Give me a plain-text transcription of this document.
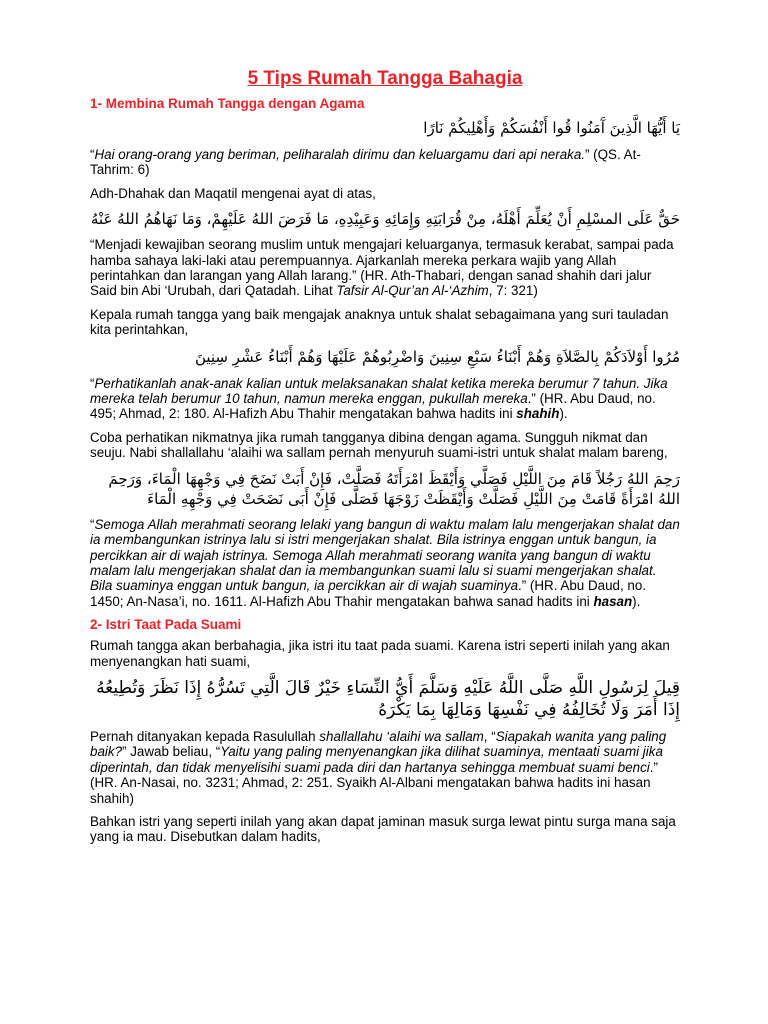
5 Tips Rumah Tangga Bahagia
1- Membina Rumah Tangga dengan Agama
يَا أَيُّهَا الَّذِينَ آَمَنُوا قُوا أَنْفُسَكُمْ وَأَهْلِيكُمْ نَارًا

“Hai orang-orang yang beriman, peliharalah dirimu dan keluargamu dari api neraka.” (QS. At- Tahrim: 6)

Adh-Dhahak dan Maqatil mengenai ayat di atas,

حَقٌّ عَلَى المسْلِمِ أَنْ يُعَلِّمَ أَهْلَهُ، مِنْ قُرَابَتِهِ وَإِمَائِهِ وَعَبِيْدِهِ، مَا فَرَضَ اللهُ عَلَيْهِمْ، وَمَا نَهَاهُمُ اللهُ عَنْهُ

“Menjadi kewajiban seorang muslim untuk mengajari keluarganya, termasuk kerabat, sampai pada hamba sahaya laki-laki atau perempuannya. Ajarkanlah mereka perkara wajib yang Allah perintahkan dan larangan yang Allah larang.” (HR. Ath-Thabari, dengan sanad shahih dari jalur Said bin Abi ‘Urubah, dari Qatadah. Lihat Tafsir Al-Qur’an Al-‘Azhim, 7: 321)

Kepala rumah tangga yang baik mengajak anaknya untuk shalat sebagaimana yang suri tauladan kita perintahkan,

مُرُوا أَوْلاَدَكُمْ بِالصَّلاَةِ وَهُمْ أَبْنَاءُ سَبْعِ سِنِينَ وَاضْرِبُوهُمْ عَلَيْهَا وَهُمْ أَبْنَاءُ عَشْرِ سِنِينَ

“Perhatikanlah anak-anak kalian untuk melaksanakan shalat ketika mereka berumur 7 tahun. Jika mereka telah berumur 10 tahun, namun mereka enggan, pukullah mereka.” (HR. Abu Daud, no. 495; Ahmad, 2: 180. Al-Hafizh Abu Thahir mengatakan bahwa hadits ini shahih).

Coba perhatikan nikmatnya jika rumah tangganya dibina dengan agama. Sungguh nikmat dan seuju. Nabi shallallahu ‘alaihi wa sallam pernah menyuruh suami-istri untuk shalat malam bareng,

رَحِمَ اللهُ رَجُلاً قَامَ مِنَ اللَّيْلِ فَصَلَّي وَأَيْقَظَ امْرَأَتَهُ فَصَلَّتْ، فَإِنْ أَبَتْ نَضَحَ فِي وَجْهِهَا الْمَاءَ، وَرَحِمَ اللهُ امْرَأَةً قَامَتْ مِنَ اللَّيْلِ فَصَلَّتْ وَأَيْقَظَتْ زَوْجَهَا فَصَلَّى فَإِنْ أَبَى نَضَحَتْ فِي وَجْهِهِ الْمَاءَ

“Semoga Allah merahmati seorang lelaki yang bangun di waktu malam lalu mengerjakan shalat dan ia membangunkan istrinya lalu si istri mengerjakan shalat. Bila istrinya enggan untuk bangun, ia percikkan air di wajah istrinya. Semoga Allah merahmati seorang wanita yang bangun di waktu malam lalu mengerjakan shalat dan ia membangunkan suami lalu si suami mengerjakan shalat. Bila suaminya enggan untuk bangun, ia percikkan air di wajah suaminya.” (HR. Abu Daud, no. 1450; An-Nasa’i, no. 1611. Al-Hafizh Abu Thahir mengatakan bahwa sanad hadits ini hasan).

2- Istri Taat Pada Suami

Rumah tangga akan berbahagia, jika istri itu taat pada suami. Karena istri seperti inilah yang akan menyenangkan hati suami,

قِيلَ لِرَسُولِ اللَّهِ صَلَّى اللَّهُ عَلَيْهِ وَسَلَّمَ أَيُّ النِّسَاءِ خَيْرٌ قَالَ الَّتِي تَسُرُّهُ إِذَا نَظَرَ وَتُطِيعُهُ إِذَا أَمَرَ وَلَا تُخَالِفُهُ فِي نَفْسِهَا وَمَالِهَا بِمَا يَكْرَهُ

Pernah ditanyakan kepada Rasulullah shallallahu ‘alaihi wa sallam, “Siapakah wanita yang paling baik?” Jawab beliau, “Yaitu yang paling menyenangkan jika dilihat suaminya, mentaati suami jika diperintah, dan tidak menyelisihi suami pada diri dan hartanya sehingga membuat suami benci.” (HR. An-Nasai, no. 3231; Ahmad, 2: 251. Syaikh Al-Albani mengatakan bahwa hadits ini hasan shahih)

Bahkan istri yang seperti inilah yang akan dapat jaminan masuk surga lewat pintu surga mana saja yang ia mau. Disebutkan dalam hadits,
